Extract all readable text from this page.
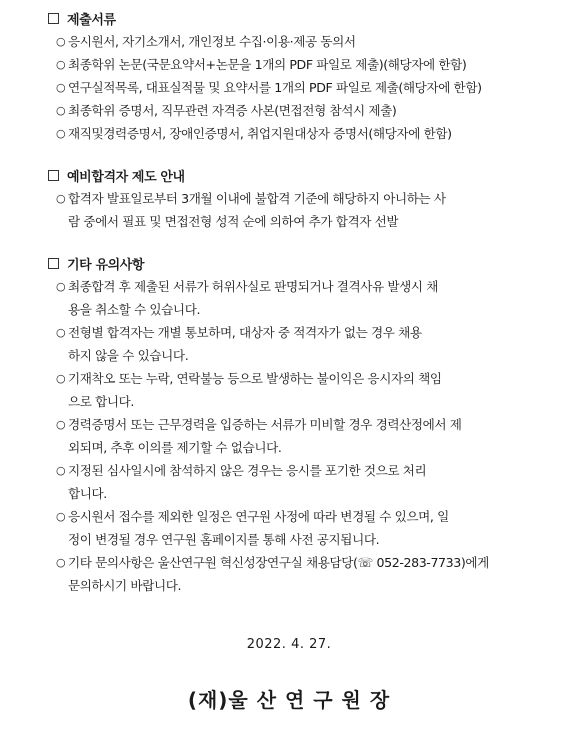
제출서류
○ 응시원서, 자기소개서, 개인정보 수집·이용·제공 동의서
○ 최종학위 논문(국문요약서+논문을 1개의 PDF 파일로 제출)(해당자에 한함)
○ 연구실적목록, 대표실적물 및 요약서를 1개의 PDF 파일로 제출(해당자에 한함)
○ 최종학위 증명서, 직무관련 자격증 사본(면접전형 참석시 제출)
○ 재직및경력증명서, 장애인증명서, 취업지원대상자 증명서(해당자에 한함)
예비합격자 제도 안내
○ 합격자 발표일로부터 3개월 이내에 불합격 기준에 해당하지 아니하는 사
람 중에서 필표 및 면접전형 성적 순에 의하여 추가 합격자 선발
기타 유의사항
○ 최종합격 후 제출된 서류가 허위사실로 판명되거나 결격사유 발생시 채
용을 취소할 수 있습니다.
○ 전형별 합격자는 개별 통보하며, 대상자 중 적격자가 없는 경우 채용
하지 않을 수 있습니다.
○ 기재착오 또는 누락, 연락불능 등으로 발생하는 불이익은 응시자의 책임
으로 합니다.
○ 경력증명서 또는 근무경력을 입증하는 서류가 미비할 경우 경력산정에서 제
외되며, 추후 이의를 제기할 수 없습니다.
○ 지정된 심사일시에 참석하지 않은 경우는 응시를 포기한 것으로 처리
합니다.
○ 응시원서 접수를 제외한 일정은 연구원 사정에 따라 변경될 수 있으며, 일
정이 변경될 경우 연구원 홈페이지를 통해 사전 공지됩니다.
○ 기타 문의사항은 울산연구원 혁신성장연구실 채용담당(☏ 052-283-7733)에게
문의하시기 바랍니다.
2022. 4. 27.
(재)울 산 연 구 원 장
